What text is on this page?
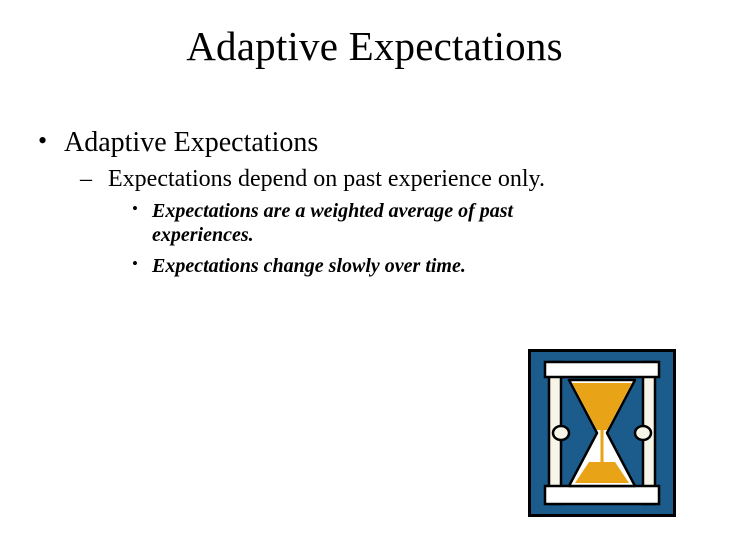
Adaptive Expectations
• Adaptive Expectations
– Expectations depend on past experience only.
• Expectations are a weighted average of past experiences.
• Expectations change slowly over time.
